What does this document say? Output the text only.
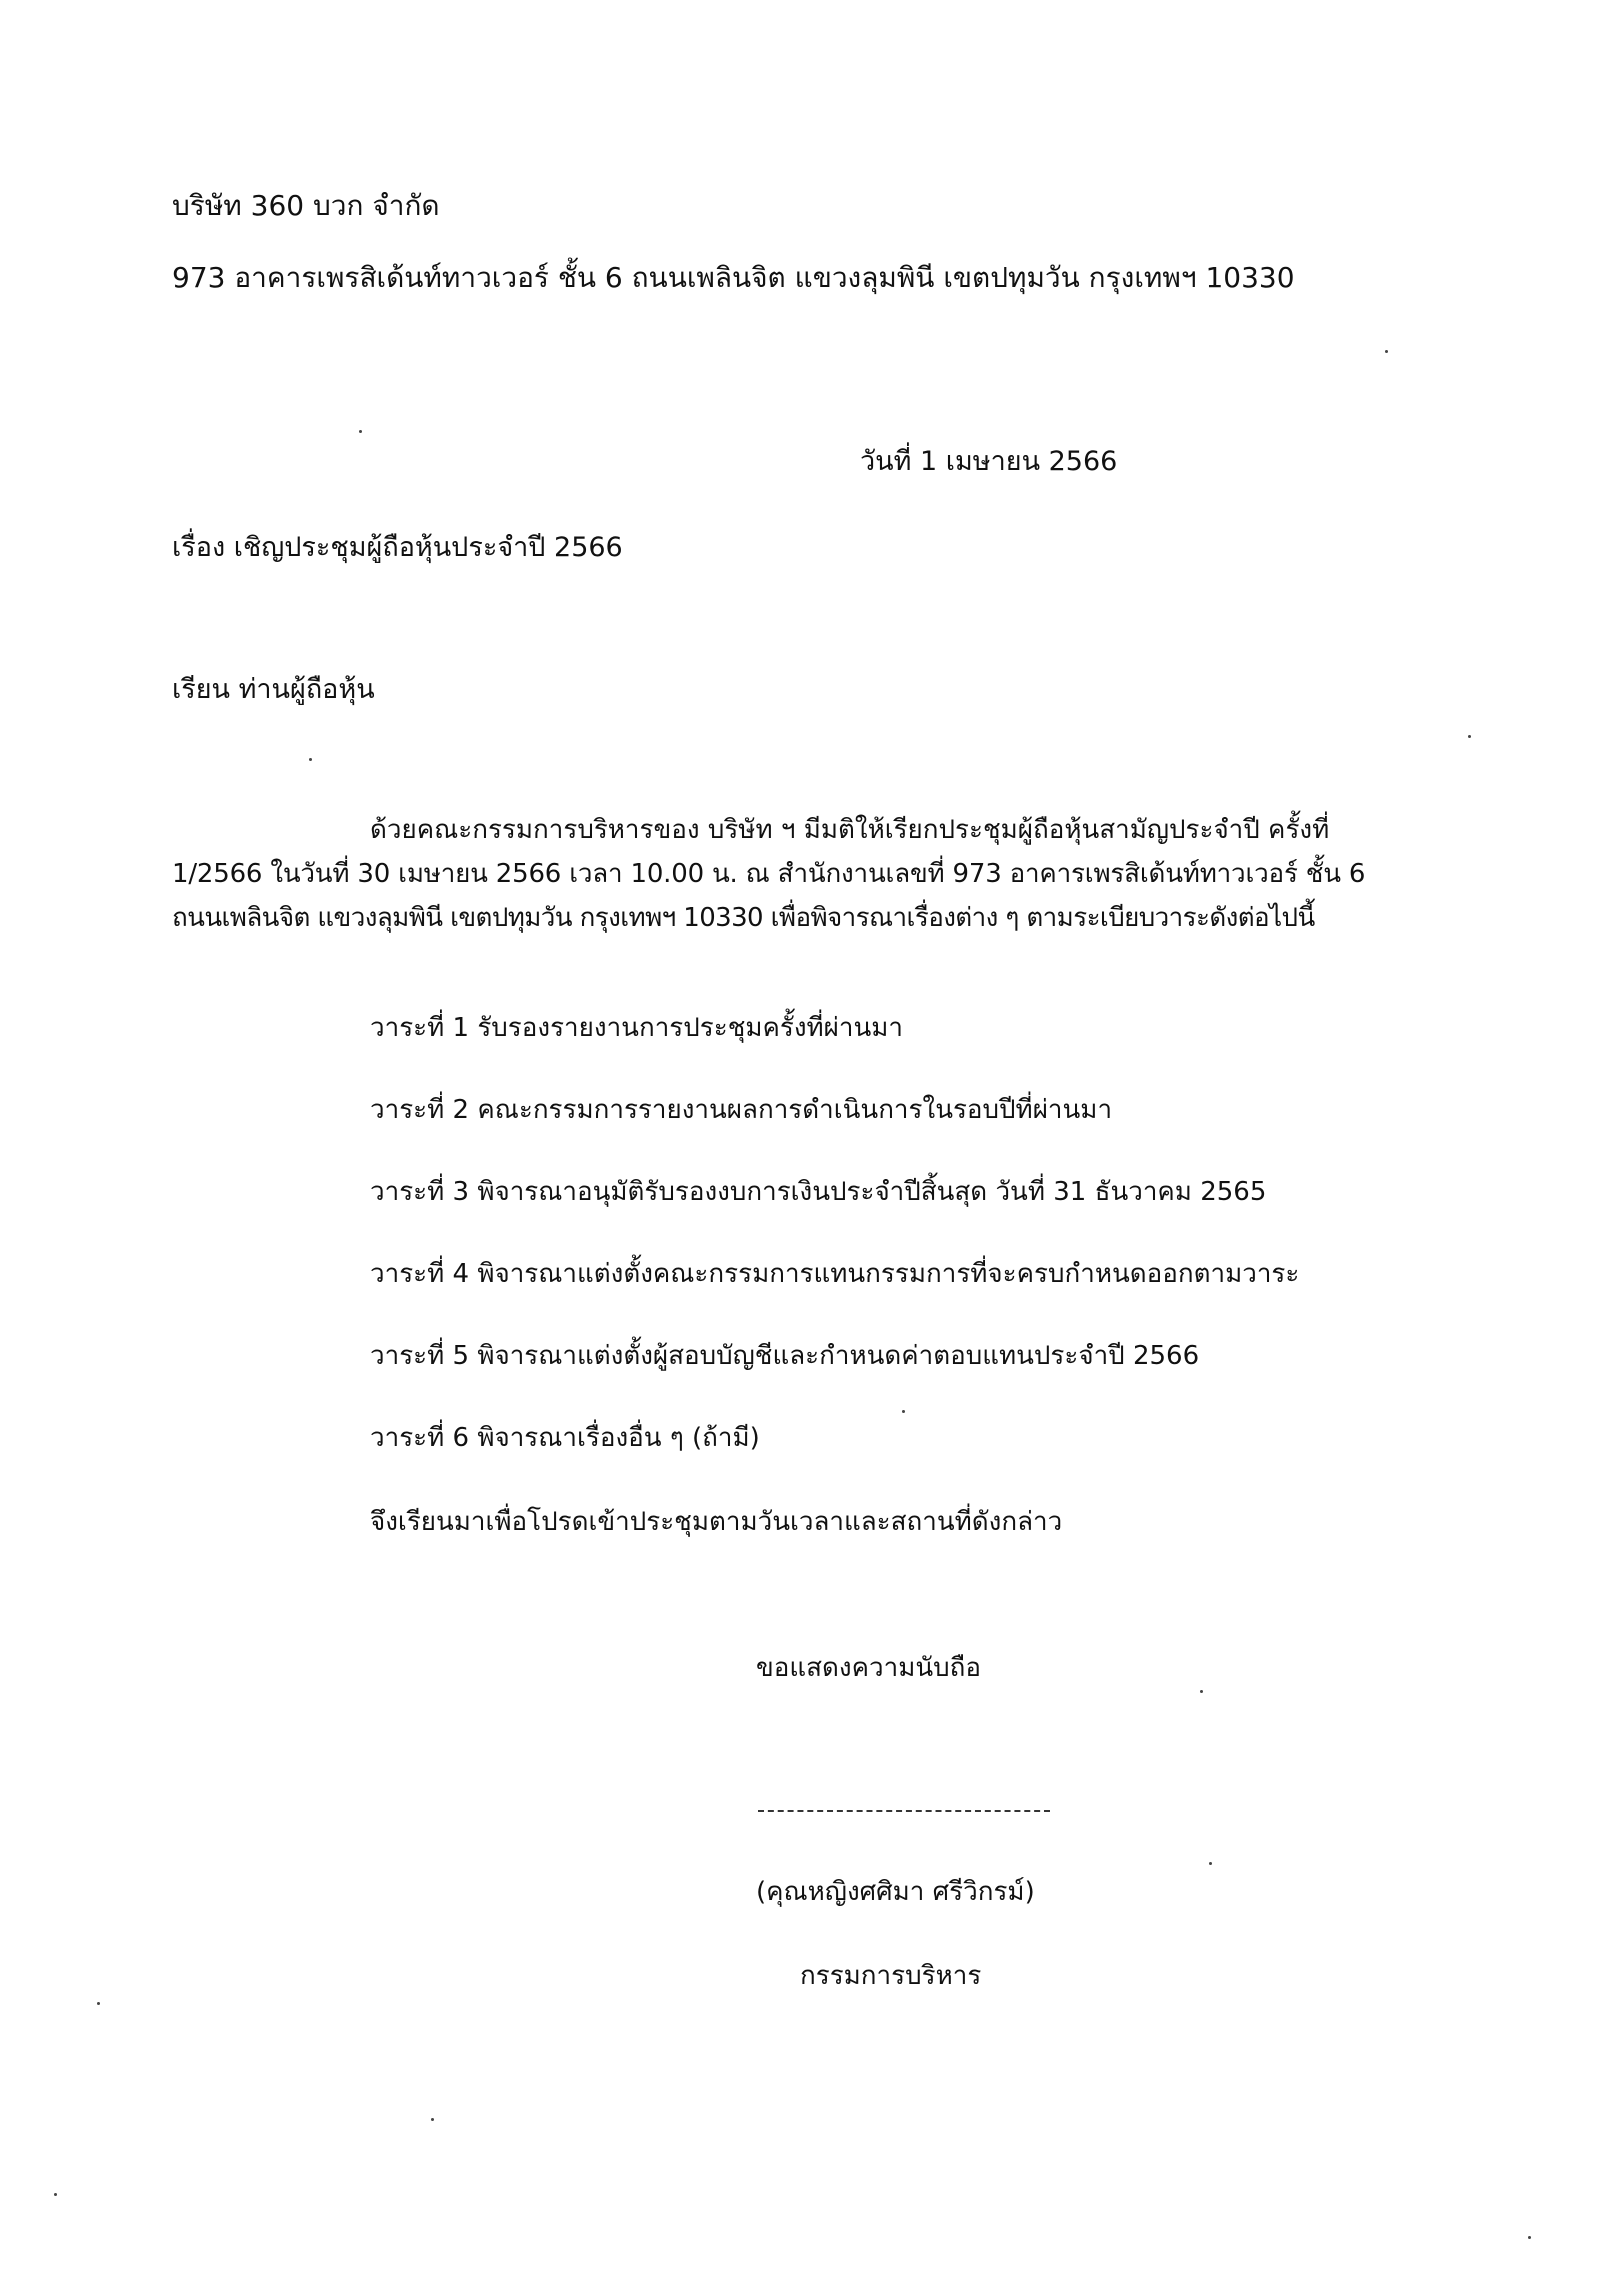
บริษัท 360 บวก จำกัด
973 อาคารเพรสิเด้นท์ทาวเวอร์ ชั้น 6 ถนนเพลินจิต แขวงลุมพินี เขตปทุมวัน กรุงเทพฯ 10330
วันที่ 1 เมษายน 2566
เรื่อง เชิญประชุมผู้ถือหุ้นประจำปี 2566
เรียน ท่านผู้ถือหุ้น
ด้วยคณะกรรมการบริหารของ บริษัท ฯ มีมติให้เรียกประชุมผู้ถือหุ้นสามัญประจำปี ครั้งที่
1/2566 ในวันที่ 30 เมษายน 2566 เวลา 10.00 น. ณ สำนักงานเลขที่ 973 อาคารเพรสิเด้นท์ทาวเวอร์ ชั้น 6
ถนนเพลินจิต แขวงลุมพินี เขตปทุมวัน กรุงเทพฯ 10330 เพื่อพิจารณาเรื่องต่าง ๆ ตามระเบียบวาระดังต่อไปนี้
วาระที่ 1 รับรองรายงานการประชุมครั้งที่ผ่านมา
วาระที่ 2 คณะกรรมการรายงานผลการดำเนินการในรอบปีที่ผ่านมา
วาระที่ 3 พิจารณาอนุมัติรับรองงบการเงินประจำปีสิ้นสุด วันที่ 31 ธันวาคม 2565
วาระที่ 4 พิจารณาแต่งตั้งคณะกรรมการแทนกรรมการที่จะครบกำหนดออกตามวาระ
วาระที่ 5 พิจารณาแต่งตั้งผู้สอบบัญชีและกำหนดค่าตอบแทนประจำปี 2566
วาระที่ 6 พิจารณาเรื่องอื่น ๆ (ถ้ามี)
จึงเรียนมาเพื่อโปรดเข้าประชุมตามวันเวลาและสถานที่ดังกล่าว
ขอแสดงความนับถือ
(คุณหญิงศศิมา ศรีวิกรม์)
กรรมการบริหาร
